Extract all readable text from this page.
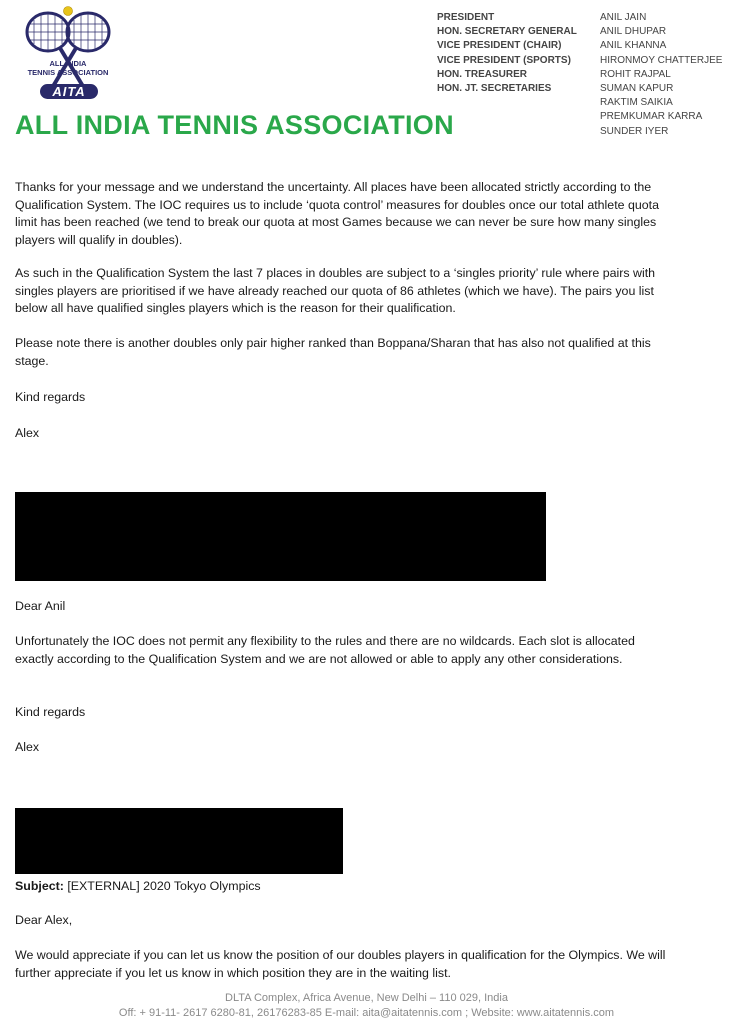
ALL INDIA
TENNIS ASSOCIATION
AITA
ALL INDIA TENNIS ASSOCIATION
PRESIDENT
HON. SECRETARY GENERAL
VICE PRESIDENT (CHAIR)
VICE PRESIDENT (SPORTS)
HON. TREASURER
HON. JT. SECRETARIES
ANIL JAIN
ANIL DHUPAR
ANIL KHANNA
HIRONMOY CHATTERJEE
ROHIT RAJPAL
SUMAN KAPUR
RAKTIM SAIKIA
PREMKUMAR KARRA
SUNDER IYER
Thanks for your message and we understand the uncertainty. All places have been allocated strictly according to the Qualification System. The IOC requires us to include ‘quota control’ measures for doubles once our total athlete quota limit has been reached (we tend to break our quota at most Games because we can never be sure how many singles players will qualify in doubles).
As such in the Qualification System the last 7 places in doubles are subject to a ‘singles priority’ rule where pairs with singles players are prioritised if we have already reached our quota of 86 athletes (which we have). The pairs you list below all have qualified singles players which is the reason for their qualification.
Please note there is another doubles only pair higher ranked than Boppana/Sharan that has also not qualified at this stage.
Kind regards
Alex
Dear Anil
Unfortunately the IOC does not permit any flexibility to the rules and there are no wildcards. Each slot is allocated exactly according to the Qualification System and we are not allowed or able to apply any other considerations.
Kind regards
Alex
Subject: [EXTERNAL] 2020 Tokyo Olympics
Dear Alex,
We would appreciate if you can let us know the position of our doubles players in qualification for the Olympics. We will further appreciate if you let us know in which position they are in the waiting list.
DLTA Complex, Africa Avenue, New Delhi – 110 029, India
Off: + 91-11- 2617 6280-81, 26176283-85 E-mail: aita@aitatennis.com ; Website: www.aitatennis.com
